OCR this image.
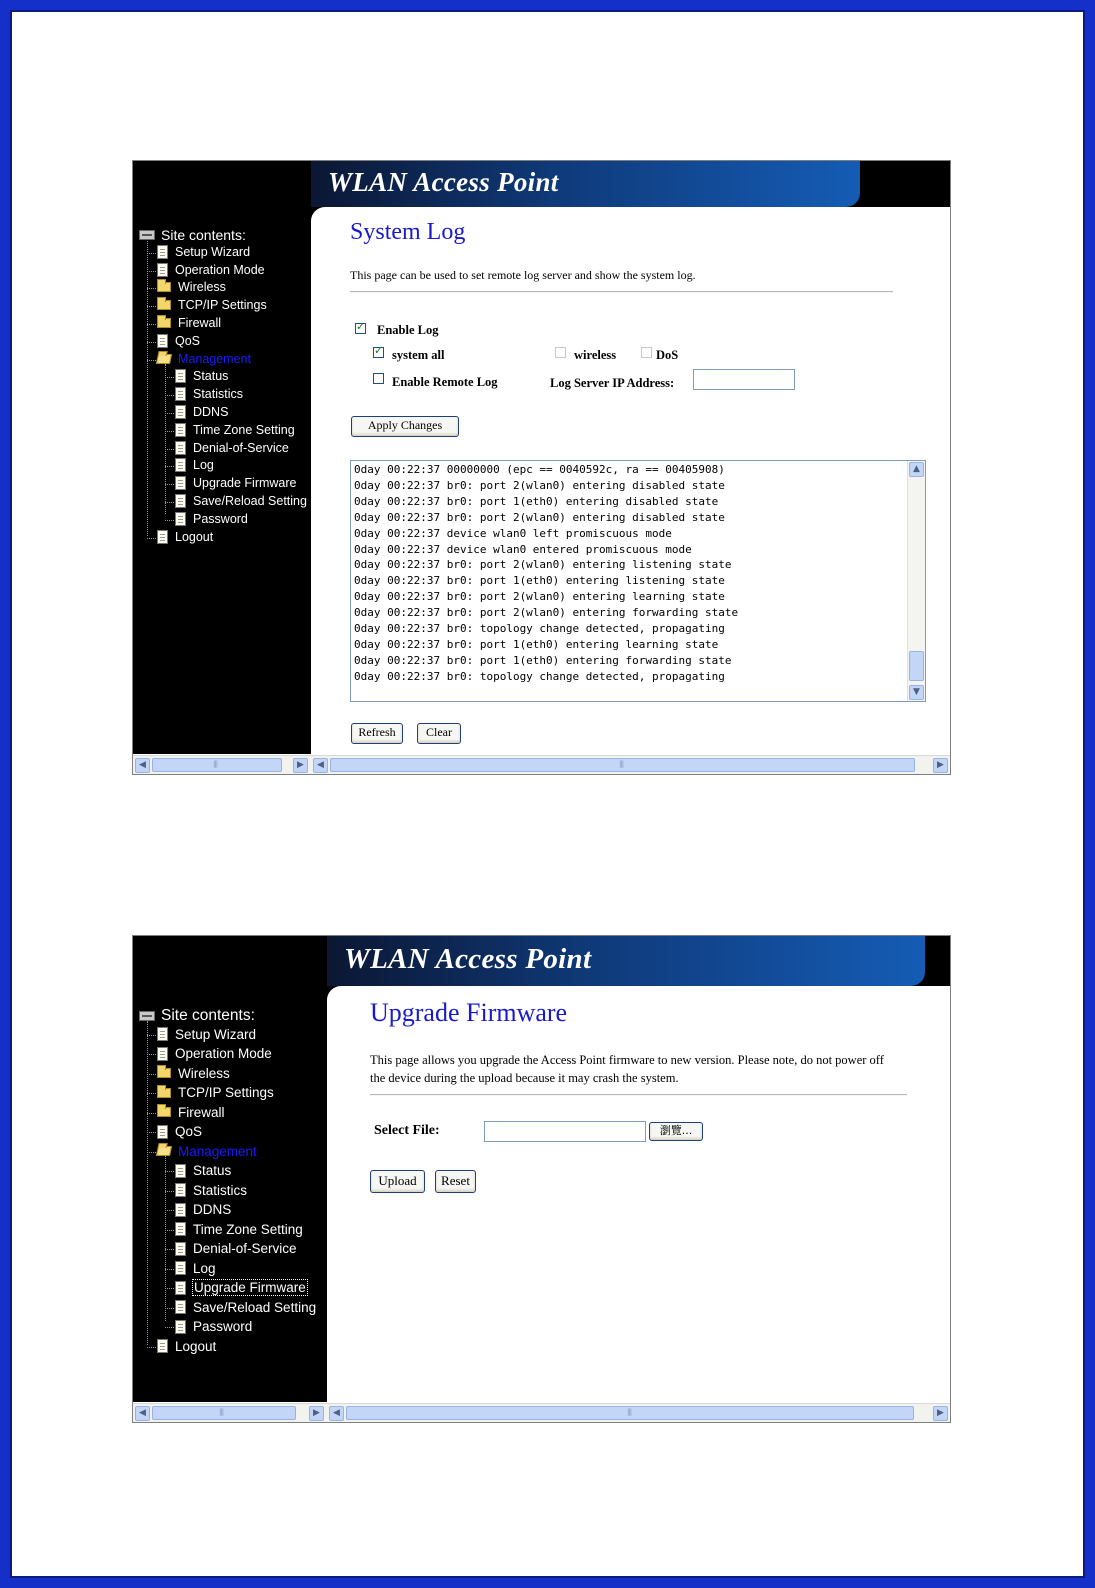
WLAN Access Point
Site contents:
Setup Wizard
Operation Mode
Wireless
TCP/IP Settings
Firewall
QoS
Management
Status
Statistics
DDNS
Time Zone Setting
Denial-of-Service
Log
Upgrade Firmware
Save/Reload Setting
Password
Logout
System Log
This page can be used to set remote log server and show the system log.
✓
Enable Log
✓
system all	wireless	DoS
Enable Remote Log	Log Server IP Address:
Apply Changes
0day 00:22:37 00000000 (epc == 0040592c, ra == 00405908)
0day 00:22:37 br0: port 2(wlan0) entering disabled state
0day 00:22:37 br0: port 1(eth0) entering disabled state
0day 00:22:37 br0: port 2(wlan0) entering disabled state
0day 00:22:37 device wlan0 left promiscuous mode
0day 00:22:37 device wlan0 entered promiscuous mode
0day 00:22:37 br0: port 2(wlan0) entering listening state
0day 00:22:37 br0: port 1(eth0) entering listening state
0day 00:22:37 br0: port 2(wlan0) entering learning state
0day 00:22:37 br0: port 2(wlan0) entering forwarding state
0day 00:22:37 br0: topology change detected, propagating
0day 00:22:37 br0: port 1(eth0) entering learning state
0day 00:22:37 br0: port 1(eth0) entering forwarding state
0day 00:22:37 br0: topology change detected, propagating
▲
▼
Refresh	Clear
◀	|||	▶	◀	|||	▶
WLAN Access Point
Site contents:
Setup Wizard
Operation Mode
Wireless
TCP/IP Settings
Firewall
QoS
Management
Status
Statistics
DDNS
Time Zone Setting
Denial-of-Service
Log
Upgrade Firmware
Save/Reload Setting
Password
Logout
Upgrade Firmware
This page allows you upgrade the Access Point firmware to new version. Please note, do not power off
the device during the upload because it may crash the system.
Select File:	瀏覽...
Upload	Reset
◀	|||	▶	◀	|||	▶
